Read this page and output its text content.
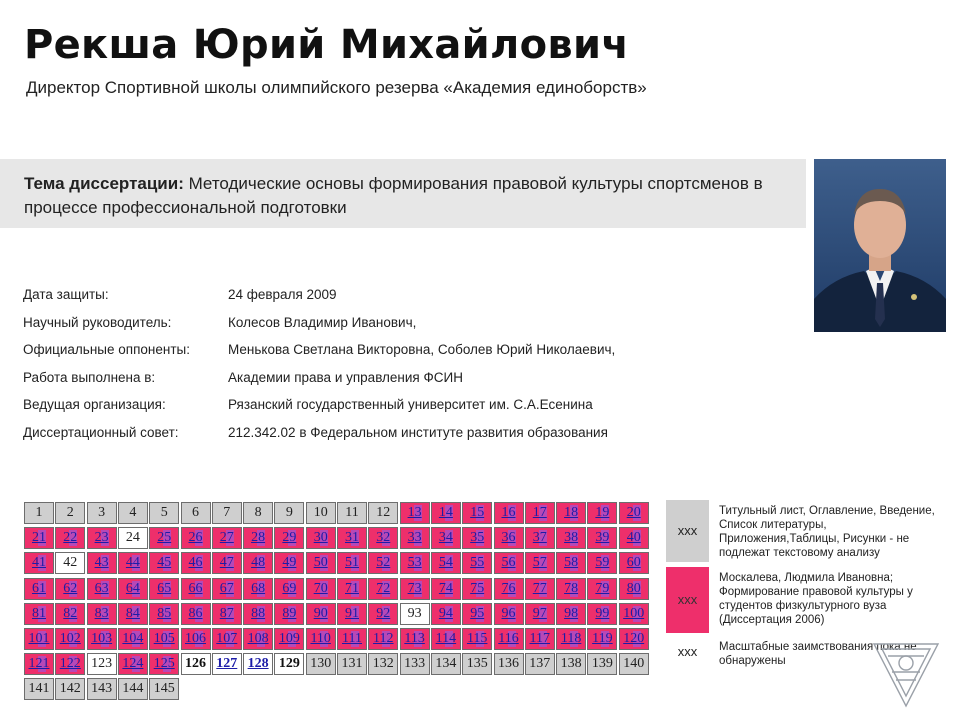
Рекша Юрий Михайлович
Директор Спортивной школы олимпийского резерва «Академия единоборств»
Тема диссертации: Методические основы формирования правовой культуры спортсменов в процессе профессиональной подготовки
Дата защиты:	24 февраля 2009
Научный руководитель:	Колесов Владимир Иванович,
Официальные оппоненты:	Менькова Светлана Викторовна, Соболев Юрий Николаевич,
Работа выполнена в:	Академии права и управления ФСИН
Ведущая организация:	Рязанский государственный университет им. С.А.Есенина
Диссертационный совет:	212.342.02 в Федеральном институте развития образования
1	2	3	4	5	6	7	8	9	10	11	12	13	14	15	16	17	18	19	20
21	22	23	24	25	26	27	28	29	30	31	32	33	34	35	36	37	38	39	40
41	42	43	44	45	46	47	48	49	50	51	52	53	54	55	56	57	58	59	60
61	62	63	64	65	66	67	68	69	70	71	72	73	74	75	76	77	78	79	80
81	82	83	84	85	86	87	88	89	90	91	92	93	94	95	96	97	98	99 100
101 102 103 104 105 106 107 108 109 110 111 112 113 114 115 116 117 118 119 120
121 122 123 124 125 126 127 128 129 130 131 132 133 134 135 136 137 138 139 140
141 142 143 144 145
xxx
Титульный лист, Оглавление, Введение, Список литературы, Приложения,Таблицы, Рисунки - не подлежат текстовому анализу
xxx
Москалева, Людмила Ивановна; Формирование правовой культуры у студентов физкультурного вуза (Диссертация 2006)
xxx	Масштабные заимствования пока не обнаружены
